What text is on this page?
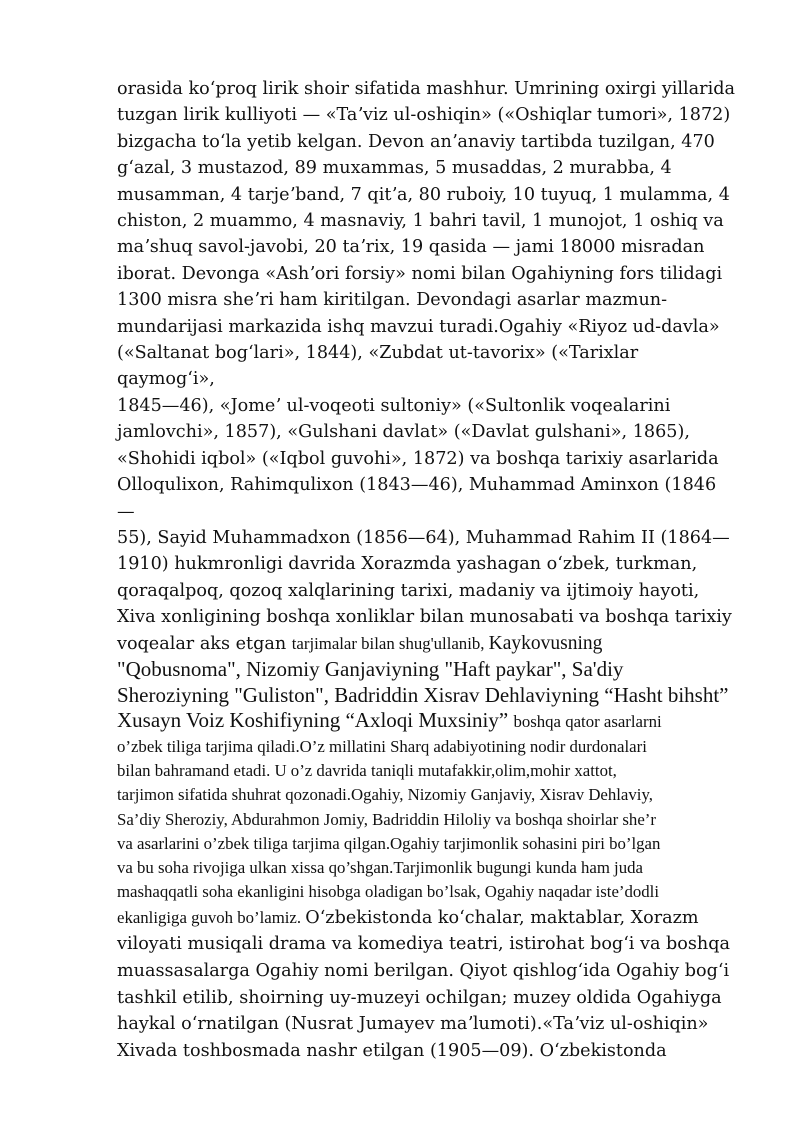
orasida koʻproq lirik shoir sifatida mashhur. Umrining oxirgi yillarida
tuzgan lirik kulliyoti — «Taʼviz ul-oshiqin» («Oshiqlar tumori», 1872)
bizgacha toʻla yetib kelgan. Devon anʼanaviy tartibda tuzilgan, 470
gʻazal, 3 mustazod, 89 muxammas, 5 musaddas, 2 murabba, 4
musamman, 4 tarjeʼband, 7 qitʼa, 80 ruboiy, 10 tuyuq, 1 mulamma, 4
chiston, 2 muammo, 4 masnaviy, 1 bahri tavil, 1 munojot, 1 oshiq va
maʼshuq savol-javobi, 20 taʼrix, 19 qasida — jami 18000 misradan
iborat. Devonga «Ashʼori forsiy» nomi bilan Ogahiyning fors tilidagi
1300 misra sheʼri ham kiritilgan. Devondagi asarlar mazmun-
mundarijasi markazida ishq mavzui turadi.Ogahiy «Riyoz ud-davla»
(«Saltanat bogʻlari», 1844), «Zubdat ut-tavorix» («Tarixlar qaymogʻi»,
1845—46), «Jomeʼ ul-voqeoti sultoniy» («Sultonlik voqealarini
jamlovchi», 1857), «Gulshani davlat» («Davlat gulshani», 1865),
«Shohidi iqbol» («Iqbol guvohi», 1872) va boshqa tarixiy asarlarida
Olloqulixon, Rahimqulixon (1843—46), Muhammad Aminxon (1846 —
55), Sayid Muhammadxon (1856—64), Muhammad Rahim II (1864—
1910) hukmronligi davrida Xorazmda yashagan oʻzbek, turkman,
qoraqalpoq, qozoq xalqlarining tarixi, madaniy va ijtimoiy hayoti,
Xiva xonligining boshqa xonliklar bilan munosabati va boshqa tarixiy
voqealar aks etgan tarjimalar bilan shug'ullanib, Kaykovusning
"Qobusnoma", Nizomiy Ganjaviyning "Haft paykar", Sa'diy
Sheroziyning "Guliston", Badriddin Xisrav Dehlaviyning “Hasht bihsht”
Xusayn Voiz Koshifiyning “Axloqi Muxsiniy” boshqa qator asarlarni
o’zbek tiliga tarjima qiladi.O’z millatini Sharq adabiyotining nodir durdonalari
bilan bahramand etadi. U o’z davrida taniqli mutafakkir,olim,mohir xattot,
tarjimon sifatida shuhrat qozonadi.Ogahiy, Nizomiy Ganjaviy, Xisrav Dehlaviy,
Sa’diy Sheroziy, Abdurahmon Jomiy, Badriddin Hiloliy va boshqa shoirlar she’r
va asarlarini o’zbek tiliga tarjima qilgan.Ogahiy tarjimonlik sohasini piri bo’lgan
va bu soha rivojiga ulkan xissa qo’shgan.Tarjimonlik bugungi kunda ham juda
mashaqqatli soha ekanligini hisobga oladigan bo’lsak, Ogahiy naqadar iste’dodli
ekanligiga guvoh bo’lamiz. Oʻzbekistonda koʻchalar, maktablar, Xorazm
viloyati musiqali drama va komediya teatri, istirohat bogʻi va boshqa
muassasalarga Ogahiy nomi berilgan. Qiyot qishlogʻida Ogahiy bogʻi
tashkil etilib, shoirning uy-muzeyi ochilgan; muzey oldida Ogahiyga
haykal oʻrnatilgan (Nusrat Jumayev maʼlumoti).«Taʼviz ul-oshiqin»
Xivada toshbosmada nashr etilgan (1905—09). Oʻzbekistonda
